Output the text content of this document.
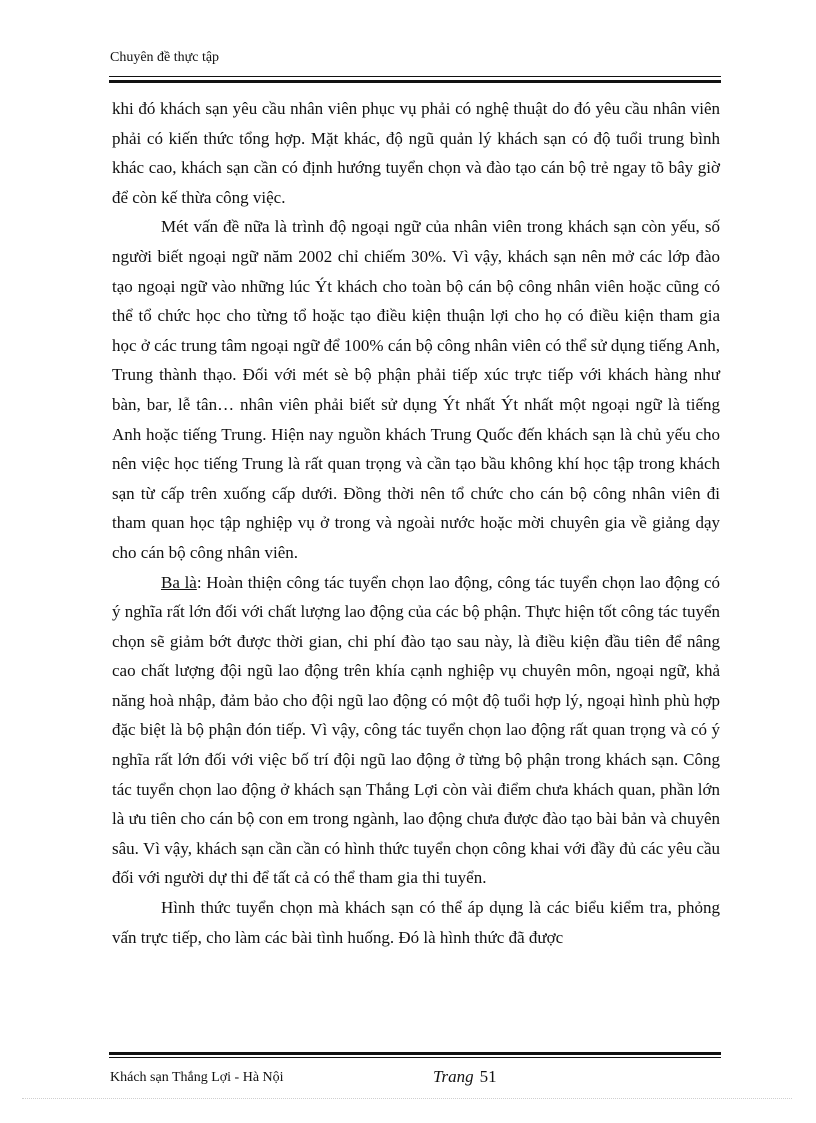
Chuyên đề thực tập

khi đó khách sạn yêu cầu nhân viên phục vụ phải có nghệ thuật do đó yêu cầu nhân viên phải có kiến thức tổng hợp. Mặt khác, độ ngũ quản lý khách sạn có độ tuổi trung bình khác cao, khách sạn cần có định hướng tuyển chọn và đào tạo cán bộ trẻ ngay tõ bây giờ để còn kế thừa công việc.

Mét vấn đề nữa là trình độ ngoại ngữ của nhân viên trong khách sạn còn yếu, số người biết ngoại ngữ năm 2002 chỉ chiếm 30%. Vì vậy, khách sạn nên mở các lớp đào tạo ngoại ngữ vào những lúc Ýt khách cho toàn bộ cán bộ công nhân viên hoặc cũng có thể tổ chức học cho từng tổ hoặc tạo điều kiện thuận lợi cho họ có điều kiện tham gia học ở các trung tâm ngoại ngữ để 100% cán bộ công nhân viên có thể sử dụng tiếng Anh, Trung thành thạo. Đối với mét sè bộ phận phải tiếp xúc trực tiếp với khách hàng như bàn, bar, lễ tân… nhân viên phải biết sử dụng Ýt nhất Ýt nhất một ngoại ngữ là tiếng Anh hoặc tiếng Trung. Hiện nay nguồn khách Trung Quốc đến khách sạn là chủ yếu cho nên việc học tiếng Trung là rất quan trọng và cần tạo bầu không khí học tập trong khách sạn từ cấp trên xuống cấp dưới. Đồng thời nên tổ chức cho cán bộ công nhân viên đi tham quan học tập nghiệp vụ ở trong và ngoài nước hoặc mời chuyên gia về giảng dạy cho cán bộ công nhân viên.

Ba là: Hoàn thiện công tác tuyển chọn lao động, công tác tuyển chọn lao động có ý nghĩa rất lớn đối với chất lượng lao động của các bộ phận. Thực hiện tốt công tác tuyển chọn sẽ giảm bớt được thời gian, chi phí đào tạo sau này, là điều kiện đầu tiên để nâng cao chất lượng đội ngũ lao động trên khía cạnh nghiệp vụ chuyên môn, ngoại ngữ, khả năng hoà nhập, đảm bảo cho đội ngũ lao động có một độ tuổi hợp lý, ngoại hình phù hợp đặc biệt là bộ phận đón tiếp. Vì vậy, công tác tuyển chọn lao động rất quan trọng và có ý nghĩa rất lớn đối với việc bố trí đội ngũ lao động ở từng bộ phận trong khách sạn. Công tác tuyển chọn lao động ở khách sạn Thắng Lợi còn vài điểm chưa khách quan, phần lớn là ưu tiên cho cán bộ con em trong ngành, lao động chưa được đào tạo bài bản và chuyên sâu. Vì vậy, khách sạn cần cần có hình thức tuyển chọn công khai với đầy đủ các yêu cầu đối với người dự thi để tất cả có thể tham gia thi tuyển.

Hình thức tuyển chọn mà khách sạn có thể áp dụng là các biểu kiểm tra, phỏng vấn trực tiếp, cho làm các bài tình huống. Đó là hình thức đã được

Khách sạn Thắng Lợi - Hà Nội	Trang 51
